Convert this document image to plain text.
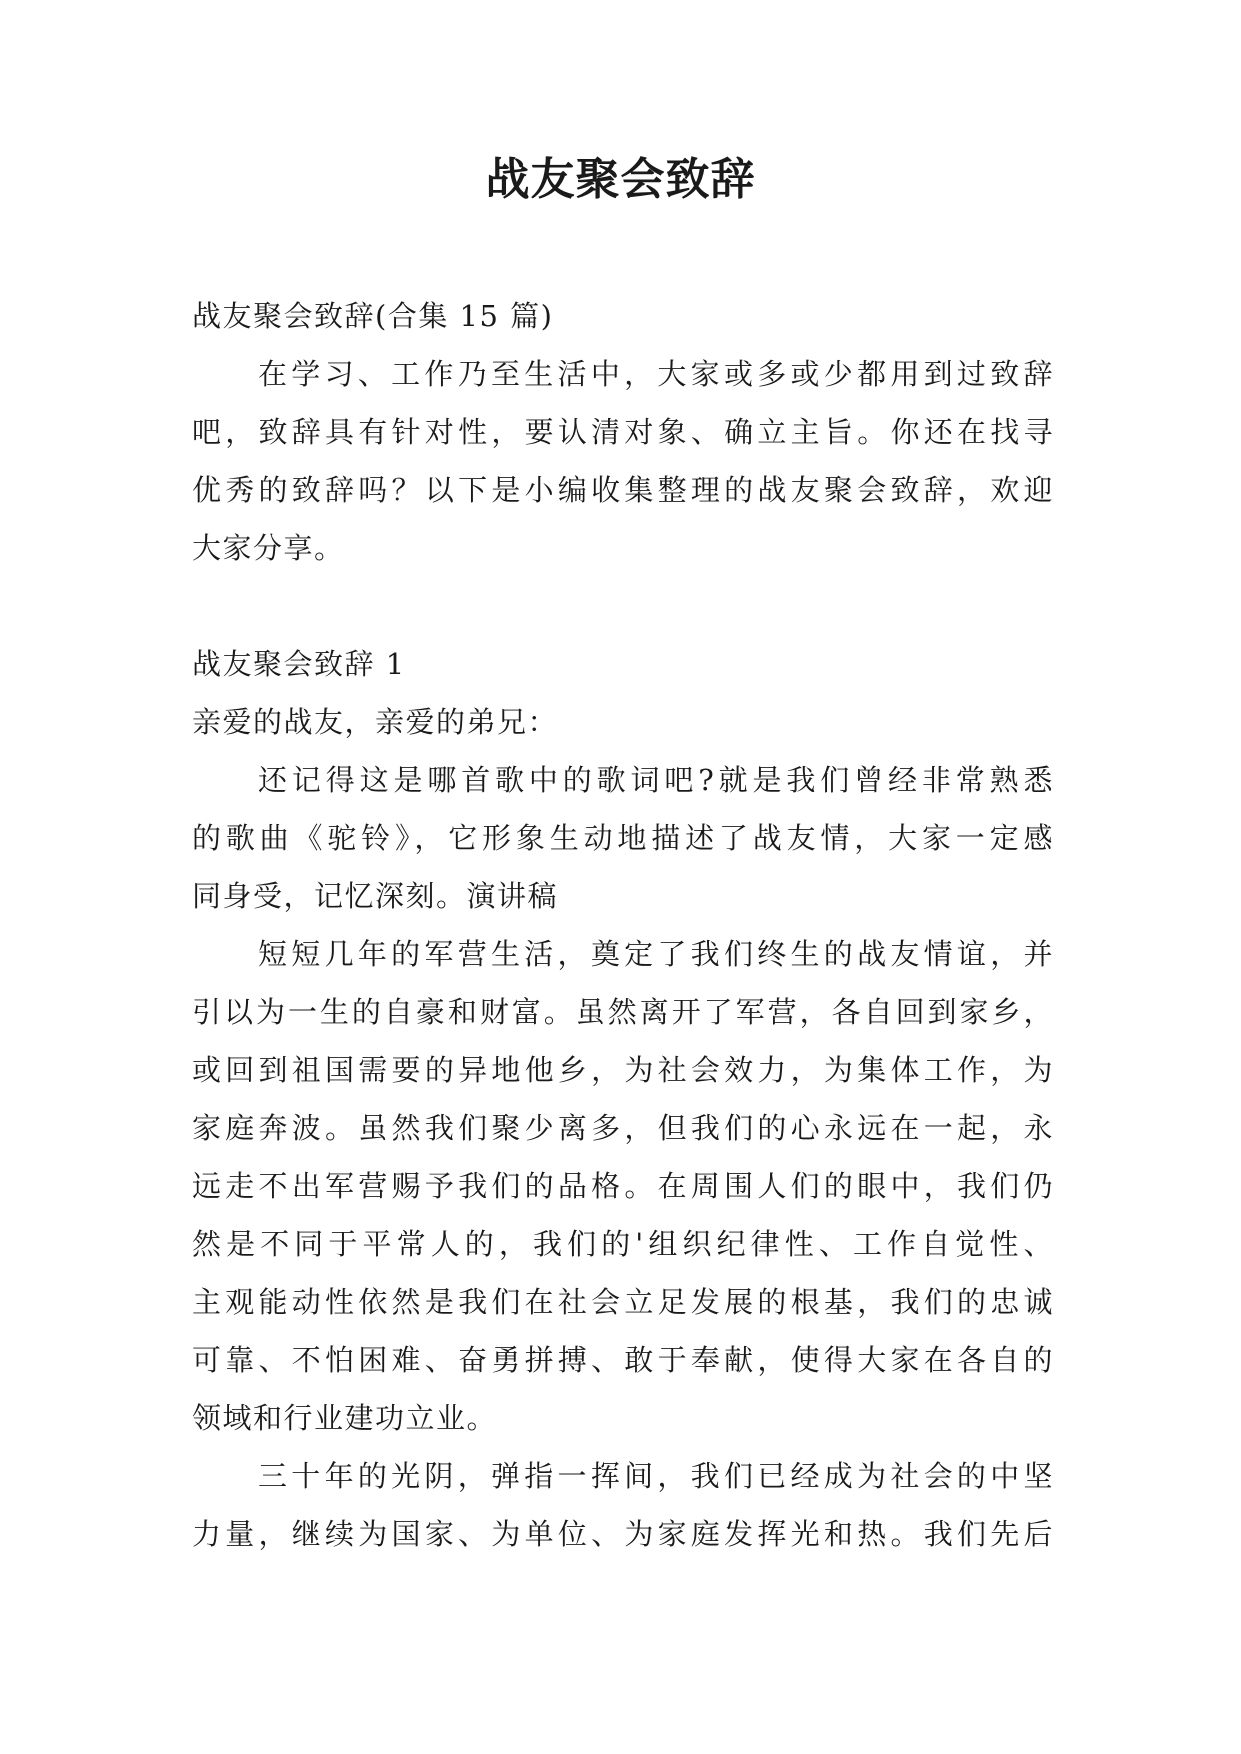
战友聚会致辞
战友聚会致辞(合集 15 篇)
在学习、工作乃至生活中，大家或多或少都用到过致辞
吧，致辞具有针对性，要认清对象、确立主旨。你还在找寻
优秀的致辞吗？以下是小编收集整理的战友聚会致辞，欢迎
大家分享。
战友聚会致辞 1
亲爱的战友，亲爱的弟兄：
还记得这是哪首歌中的歌词吧?就是我们曾经非常熟悉
的歌曲《驼铃》，它形象生动地描述了战友情，大家一定感
同身受，记忆深刻。演讲稿
短短几年的军营生活，奠定了我们终生的战友情谊，并
引以为一生的自豪和财富。虽然离开了军营，各自回到家乡，
或回到祖国需要的异地他乡，为社会效力，为集体工作，为
家庭奔波。虽然我们聚少离多，但我们的心永远在一起，永
远走不出军营赐予我们的品格。在周围人们的眼中，我们仍
然是不同于平常人的，我们的'组织纪律性、工作自觉性、
主观能动性依然是我们在社会立足发展的根基，我们的忠诚
可靠、不怕困难、奋勇拼搏、敢于奉献，使得大家在各自的
领域和行业建功立业。
三十年的光阴，弹指一挥间，我们已经成为社会的中坚
力量，继续为国家、为单位、为家庭发挥光和热。我们先后
